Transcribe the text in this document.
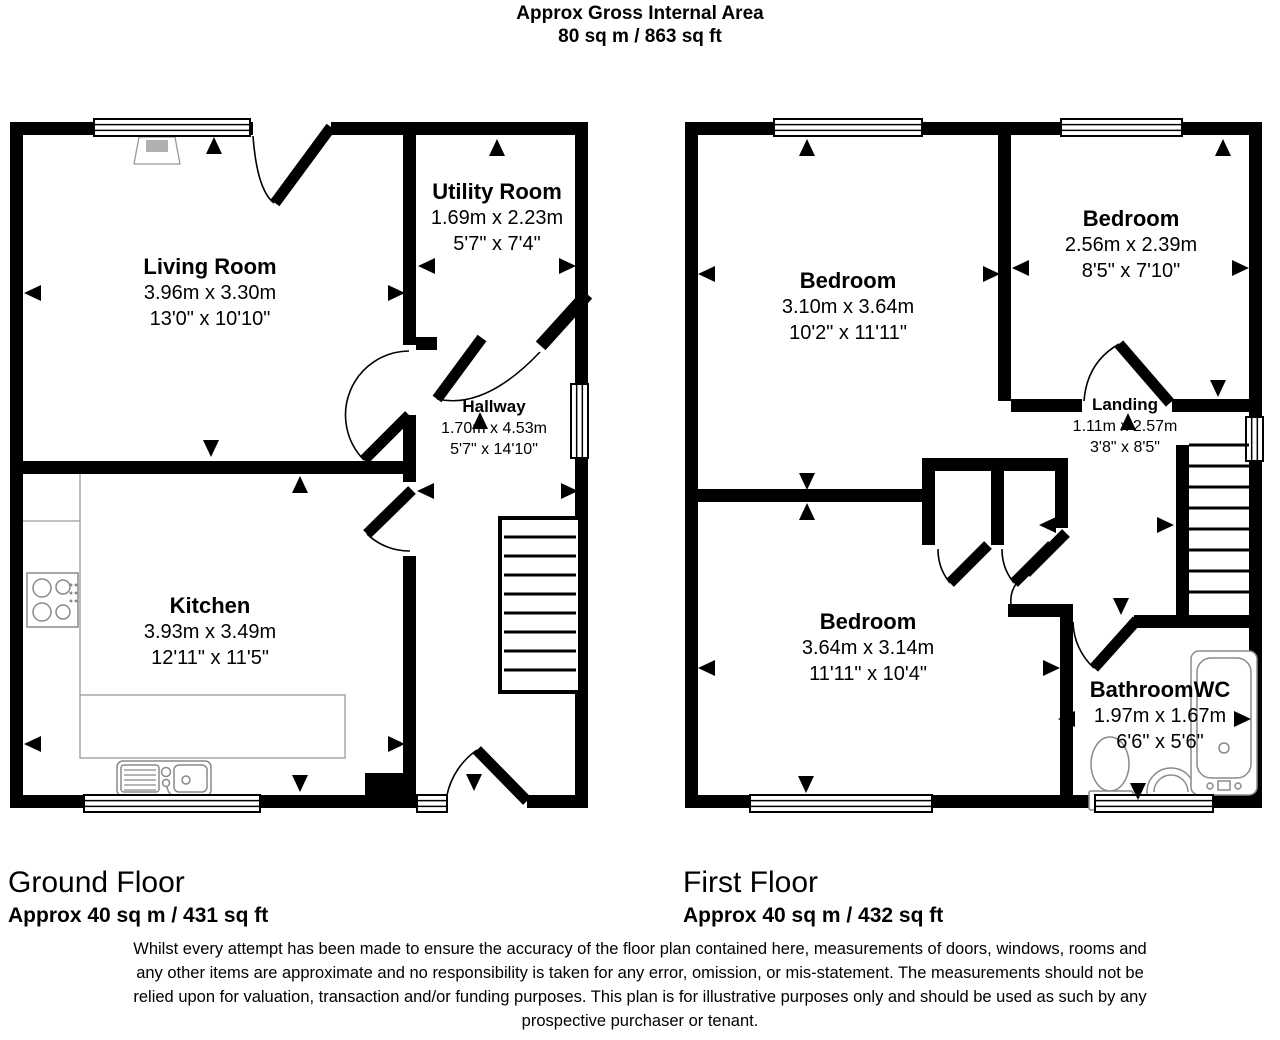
Approx Gross Internal Area
80 sq m / 863 sq ft
Living Room
3.96m x 3.30m
13'0" x 10'10"
Utility Room
1.69m x 2.23m
5'7" x 7'4"
Hallway
1.70m x 4.53m
5'7" x 14'10"
Kitchen
3.93m x 3.49m
12'11" x 11'5"
Bedroom
3.10m x 3.64m
10'2" x 11'11"
Bedroom
2.56m x 2.39m
8'5" x 7'10"
Landing
1.11m x 2.57m
3'8" x 8'5"
Bedroom
3.64m x 3.14m
11'11" x 10'4"
BathroomWC
1.97m x 1.67m
6'6" x 5'6"
Ground Floor
Approx 40 sq m / 431 sq ft
First Floor
Approx 40 sq m / 432 sq ft
Whilst every attempt has been made to ensure the accuracy of the floor plan contained here, measurements of doors, windows, rooms and
any other items are approximate and no responsibility is taken for any error, omission, or mis-statement. The measurements should not be
relied upon for valuation, transaction and/or funding purposes. This plan is for illustrative purposes only and should be used as such by any
prospective purchaser or tenant.
